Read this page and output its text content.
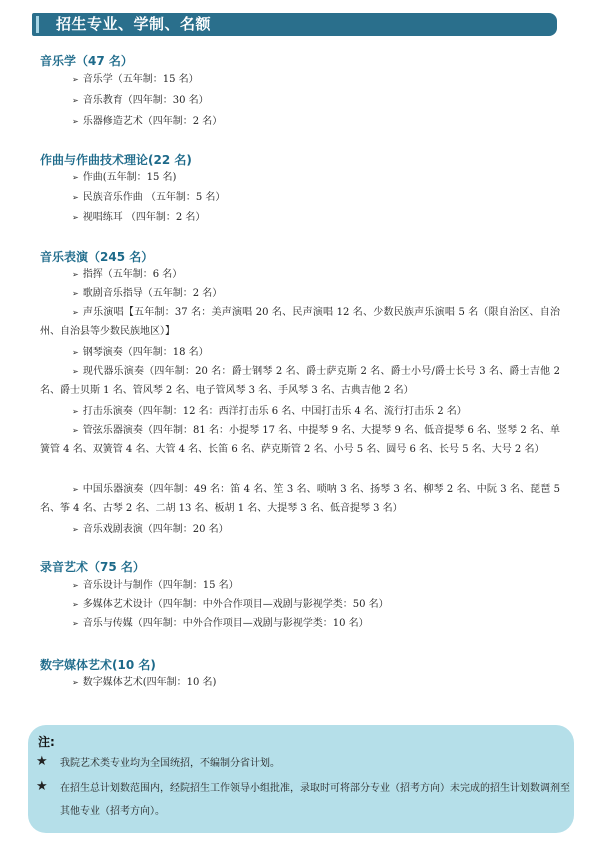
招生专业、学制、名额
音乐学（47 名）
➢ 音乐学（五年制：15 名）
➢ 音乐教育（四年制：30 名）
➢ 乐器修造艺术（四年制：2 名）
作曲与作曲技术理论(22 名)
➢ 作曲(五年制：15 名)
➢ 民族音乐作曲 （五年制：5 名）
➢ 视唱练耳 （四年制：2 名）
音乐表演（245 名）
➢ 指挥（五年制：6 名）
➢ 歌剧音乐指导（五年制：2 名）
➢ 声乐演唱【五年制：37 名：美声演唱 20 名、民声演唱 12 名、少数民族声乐演唱 5 名（限自治区、自治州、自治县等少数民族地区）】
➢ 钢琴演奏（四年制：18 名）
➢ 现代器乐演奏（四年制：20 名：爵士钢琴 2 名、爵士萨克斯 2 名、爵士小号/爵士长号 3 名、爵士吉他 2 名、爵士贝斯 1 名、管风琴 2 名、电子管风琴 3 名、手风琴 3 名、古典吉他 2 名）
➢ 打击乐演奏（四年制：12 名：西洋打击乐 6 名、中国打击乐 4 名、流行打击乐 2 名）
➢ 管弦乐器演奏（四年制：81 名：小提琴 17 名、中提琴 9 名、大提琴 9 名、低音提琴 6 名、竖琴 2 名、单簧管 4 名、双簧管 4 名、大管 4 名、长笛 6 名、萨克斯管 2 名、小号 5 名、圆号 6 名、长号 5 名、大号 2 名）
➢ 中国乐器演奏（四年制：49 名：笛 4 名、笙 3 名、唢呐 3 名、扬琴 3 名、柳琴 2 名、中阮 3 名、琵琶 5 名、筝 4 名、古琴 2 名、二胡 13 名、板胡 1 名、大提琴 3 名、低音提琴 3 名）
➢ 音乐戏剧表演（四年制：20 名）
录音艺术（75 名）
➢ 音乐设计与制作（四年制：15 名）
➢ 多媒体艺术设计（四年制：中外合作项目—戏剧与影视学类：50 名）
➢ 音乐与传媒（四年制：中外合作项目—戏剧与影视学类：10 名）
数字媒体艺术(10 名)
➢ 数字媒体艺术(四年制：10 名)
注:
★ 我院艺术类专业均为全国统招，不编制分省计划。
★ 在招生总计划数范围内，经院招生工作领导小组批准，录取时可将部分专业（招考方向）未完成的招生计划数调剂至其他专业（招考方向）。
